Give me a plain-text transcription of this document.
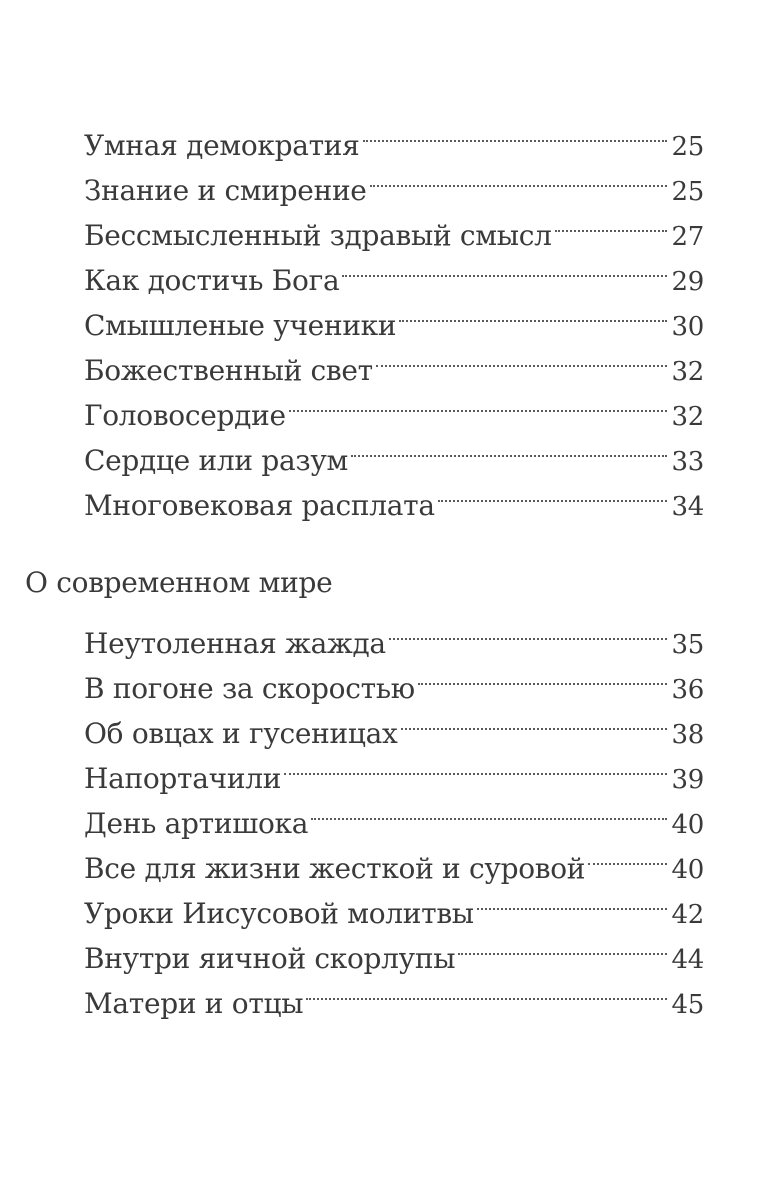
Умная демократия	25
Знание и смирение	25
Бессмысленный здравый смысл	27
Как достичь Бога	29
Смышленые ученики	30
Божественный свет	32
Головосердие	32
Сердце или разум	33
Многовековая расплата	34
О современном мире
Неутоленная жажда	35
В погоне за скоростью	36
Об овцах и гусеницах	38
Напортачили	39
День артишока	40
Все для жизни жесткой и суровой	40
Уроки Иисусовой молитвы	42
Внутри яичной скорлупы	44
Матери и отцы	45
